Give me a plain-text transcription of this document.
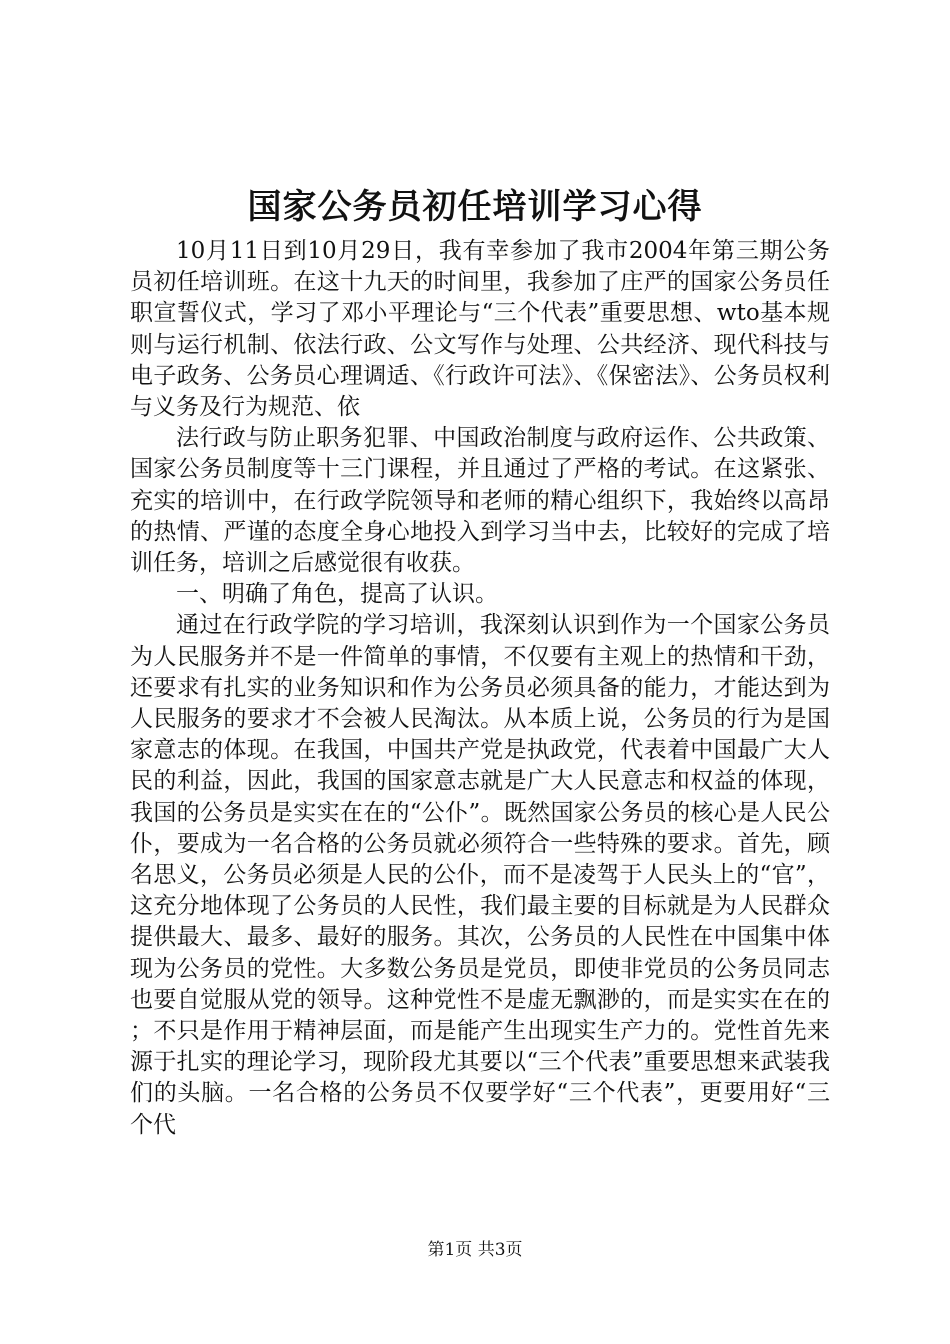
国家公务员初任培训学习心得

10月11日到10月29日，我有幸参加了我市2004年第三期公务员初任培训班。在这十九天的时间里，我参加了庄严的国家公务员任职宣誓仪式，学习了邓小平理论与“三个代表”重要思想、wto基本规则与运行机制、依法行政、公文写作与处理、公共经济、现代科技与电子政务、公务员心理调适、《行政许可法》、《保密法》、公务员权利与义务及行为规范、依

法行政与防止职务犯罪、中国政治制度与政府运作、公共政策、国家公务员制度等十三门课程，并且通过了严格的考试。在这紧张、充实的培训中，在行政学院领导和老师的精心组织下，我始终以高昂的热情、严谨的态度全身心地投入到学习当中去，比较好的完成了培训任务，培训之后感觉很有收获。

一、明确了角色，提高了认识。

通过在行政学院的学习培训，我深刻认识到作为一个国家公务员为人民服务并不是一件简单的事情，不仅要有主观上的热情和干劲，还要求有扎实的业务知识和作为公务员必须具备的能力，才能达到为人民服务的要求才不会被人民淘汰。从本质上说，公务员的行为是国家意志的体现。在我国，中国共产党是执政党，代表着中国最广大人民的利益，因此，我国的国家意志就是广大人民意志和权益的体现，我国的公务员是实实在在的“公仆”。既然国家公务员的核心是人民公仆，要成为一名合格的公务员就必须符合一些特殊的要求。首先，顾名思义，公务员必须是人民的公仆，而不是凌驾于人民头上的“官”，这充分地体现了公务员的人民性，我们最主要的目标就是为人民群众提供最大、最多、最好的服务。其次，公务员的人民性在中国集中体现为公务员的党性。大多数公务员是党员，即使非党员的公务员同志也要自觉服从党的领导。这种党性不是虚无飘渺的，而是实实在在的；不只是作用于精神层面，而是能产生出现实生产力的。党性首先来源于扎实的理论学习，现阶段尤其要以“三个代表”重要思想来武装我们的头脑。一名合格的公务员不仅要学好“三个代表”，更要用好“三个代

第1页 共3页
